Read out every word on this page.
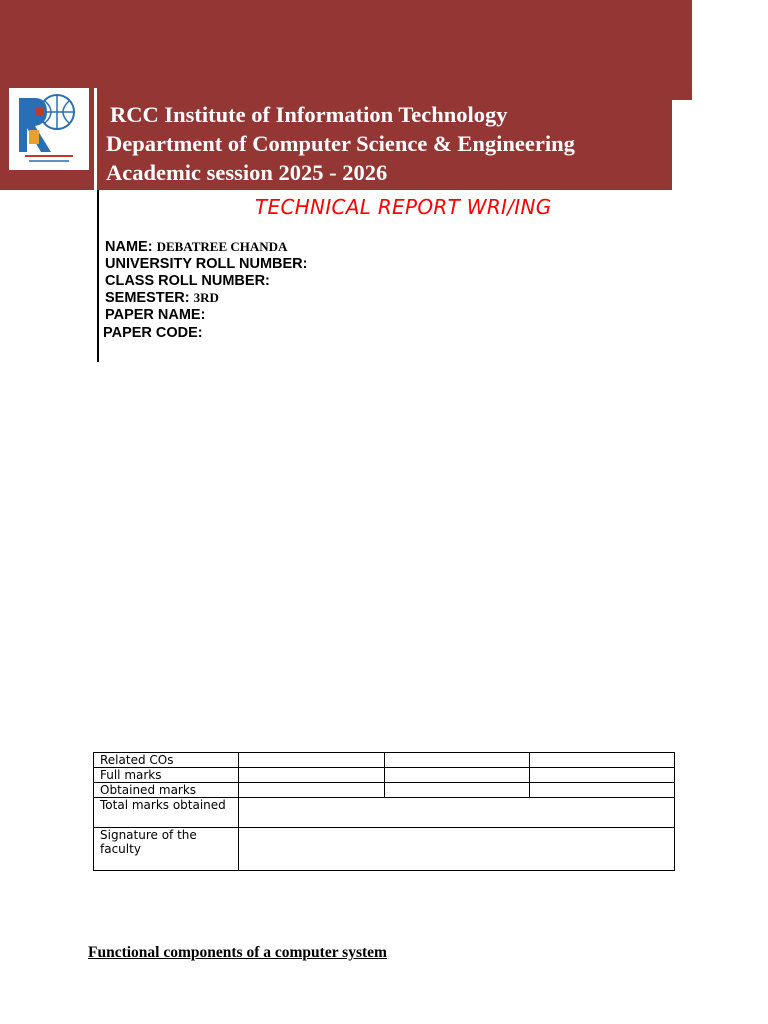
RCC Institute of Information Technology
Department of Computer Science & Engineering
Academic session 2025 - 2026
TECHNICAL REPORT WRI/ING
NAME: DEBATREE CHANDA
UNIVERSITY ROLL NUMBER:
CLASS ROLL NUMBER:
SEMESTER: 3RD
PAPER NAME:
PAPER CODE:
Related COs			
Full marks			
Obtained marks			
Total marks obtained			
Signature of the faculty			
Functional components of a computer system
